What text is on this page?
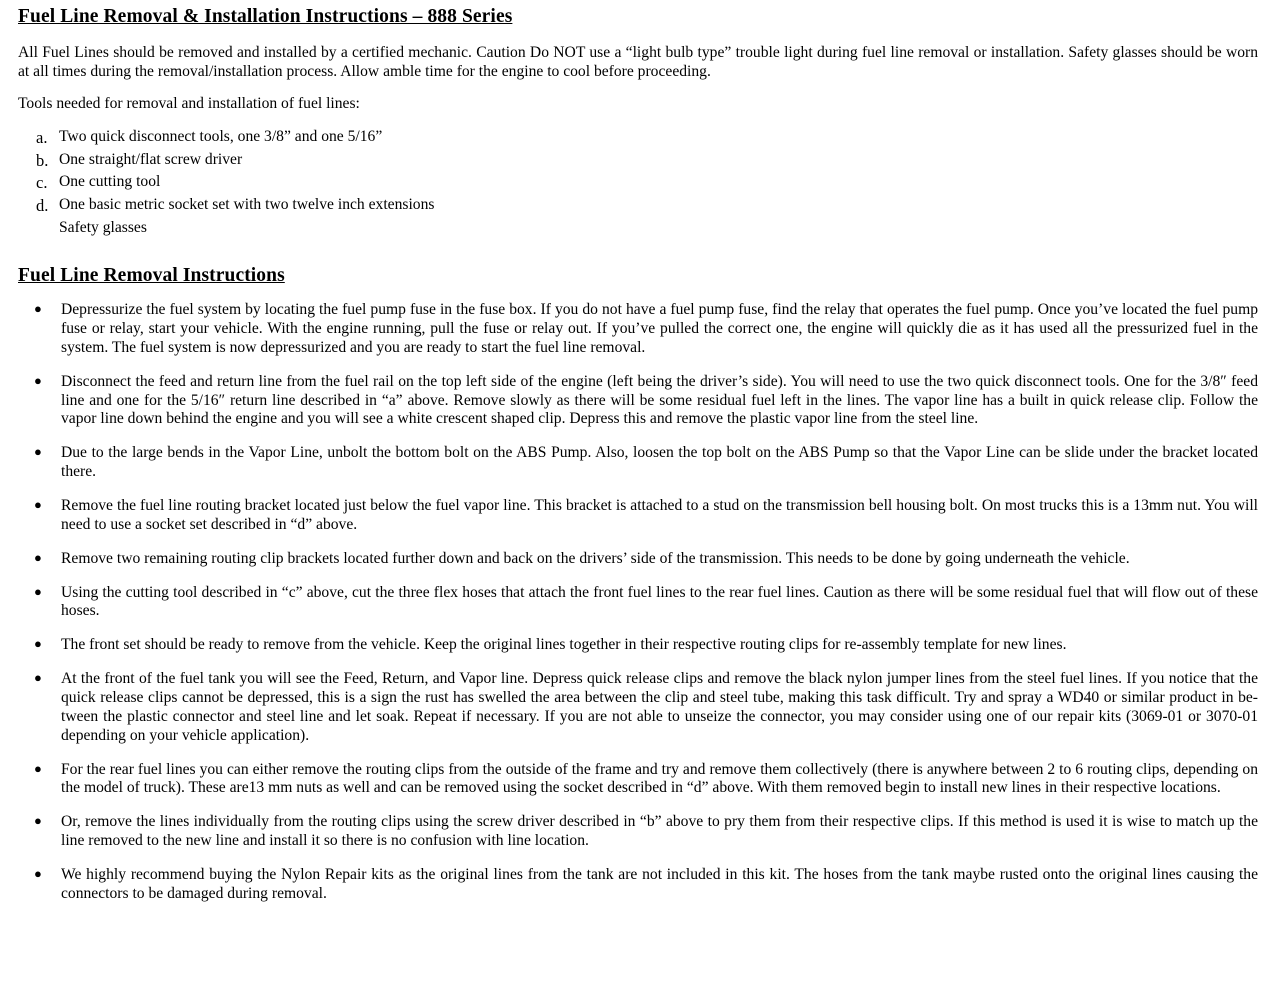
Fuel Line Removal & Installation Instructions – 888 Series

All Fuel Lines should be removed and installed by a certified mechanic. Caution Do NOT use a “light bulb type” trouble light during fuel line removal or installation. Safety glasses should be worn at all times during the removal/installation process. Allow amble time for the engine to cool before proceeding.

Tools needed for removal and installation of fuel lines:

a. Two quick disconnect tools, one 3/8” and one 5/16”
b. One straight/flat screw driver
c. One cutting tool
d. One basic metric socket set with two twelve inch extensions
Safety glasses
Fuel Line Removal Instructions
● Depressurize the fuel system by locating the fuel pump fuse in the fuse box. If you do not have a fuel pump fuse, find the relay that operates the fuel pump. Once you’ve located the fuel pump fuse or relay, start your vehicle. With the engine running, pull the fuse or relay out. If you’ve pulled the correct one, the engine will quickly die as it has used all the pressurized fuel in the system. The fuel system is now depressurized and you are ready to start the fuel line removal.
● Disconnect the feed and return line from the fuel rail on the top left side of the engine (left being the driver’s side). You will need to use the two quick disconnect tools. One for the 3/8″ feed line and one for the 5/16″ return line described in “a” above. Remove slowly as there will be some residual fuel left in the lines. The vapor line has a built in quick release clip. Follow the vapor line down behind the engine and you will see a white crescent shaped clip. Depress this and remove the plastic vapor line from the steel line.
● Due to the large bends in the Vapor Line, unbolt the bottom bolt on the ABS Pump. Also, loosen the top bolt on the ABS Pump so that the Vapor Line can be slide under the bracket located there.
● Remove the fuel line routing bracket located just below the fuel vapor line. This bracket is attached to a stud on the transmission bell housing bolt. On most trucks this is a 13mm nut. You will need to use a socket set described in “d” above.
● Remove two remaining routing clip brackets located further down and back on the drivers’ side of the transmission. This needs to be done by going underneath the vehicle.
● Using the cutting tool described in “c” above, cut the three flex hoses that attach the front fuel lines to the rear fuel lines. Caution as there will be some residual fuel that will flow out of these hoses.
● The front set should be ready to remove from the vehicle. Keep the original lines together in their respective routing clips for re-assembly template for new lines.
● At the front of the fuel tank you will see the Feed, Return, and Vapor line. Depress quick release clips and remove the black nylon jumper lines from the steel fuel lines. If you notice that the quick release clips cannot be depressed, this is a sign the rust has swelled the area between the clip and steel tube, making this task difficult. Try and spray a WD40 or similar product in be-tween the plastic connector and steel line and let soak. Repeat if necessary. If you are not able to unseize the connector, you may consider using one of our repair kits (3069-01 or 3070-01 depending on your vehicle application).
● For the rear fuel lines you can either remove the routing clips from the outside of the frame and try and remove them collectively (there is anywhere between 2 to 6 routing clips, depending on the model of truck). These are13 mm nuts as well and can be removed using the socket described in “d” above. With them removed begin to install new lines in their respective locations.
● Or, remove the lines individually from the routing clips using the screw driver described in “b” above to pry them from their respective clips. If this method is used it is wise to match up the line removed to the new line and install it so there is no confusion with line location.
● We highly recommend buying the Nylon Repair kits as the original lines from the tank are not included in this kit. The hoses from the tank maybe rusted onto the original lines causing the connectors to be damaged during removal.
